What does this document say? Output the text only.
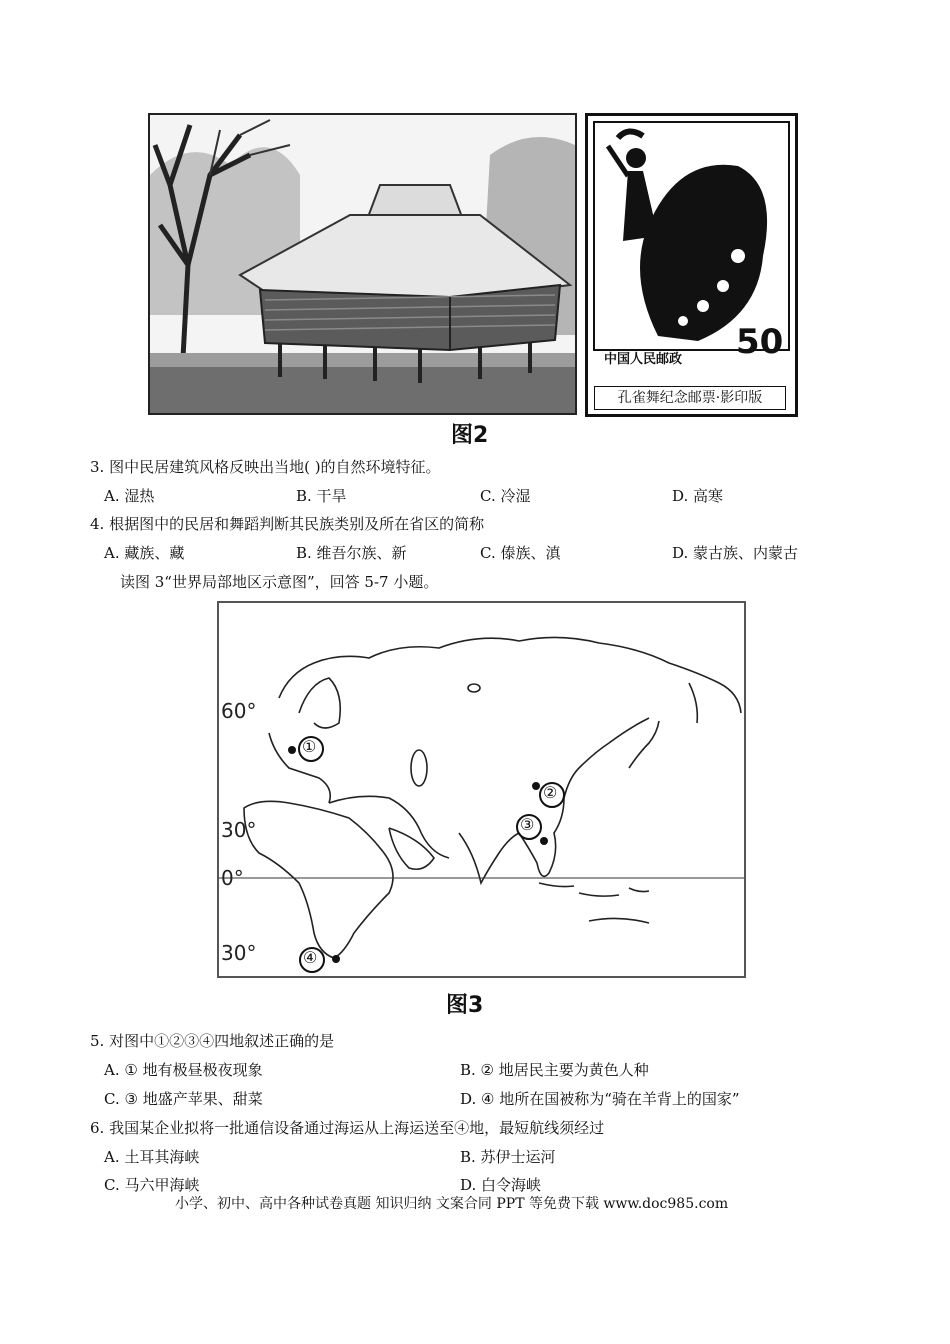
中国人民邮政 50
孔雀舞纪念邮票·影印版
图2
3. 图中民居建筑风格反映出当地( )的自然环境特征。
A. 湿热	B. 干旱	C. 冷湿	D. 高寒
4. 根据图中的民居和舞蹈判断其民族类别及所在省区的简称
A. 藏族、藏	B. 维吾尔族、新	C. 傣族、滇	D. 蒙古族、内蒙古
读图 3“世界局部地区示意图”，回答 5-7 小题。
60°
30°
0°
30°
①
②
③
④
图3
5. 对图中①②③④四地叙述正确的是
A. ① 地有极昼极夜现象	B. ② 地居民主要为黄色人种
C. ③ 地盛产苹果、甜菜	D. ④ 地所在国被称为“骑在羊背上的国家”
6. 我国某企业拟将一批通信设备通过海运从上海运送至④地，最短航线须经过
A. 土耳其海峡	B. 苏伊士运河
C. 马六甲海峡	D. 白令海峡
小学、初中、高中各种试卷真题 知识归纳 文案合同 PPT 等免费下载 www.doc985.com
